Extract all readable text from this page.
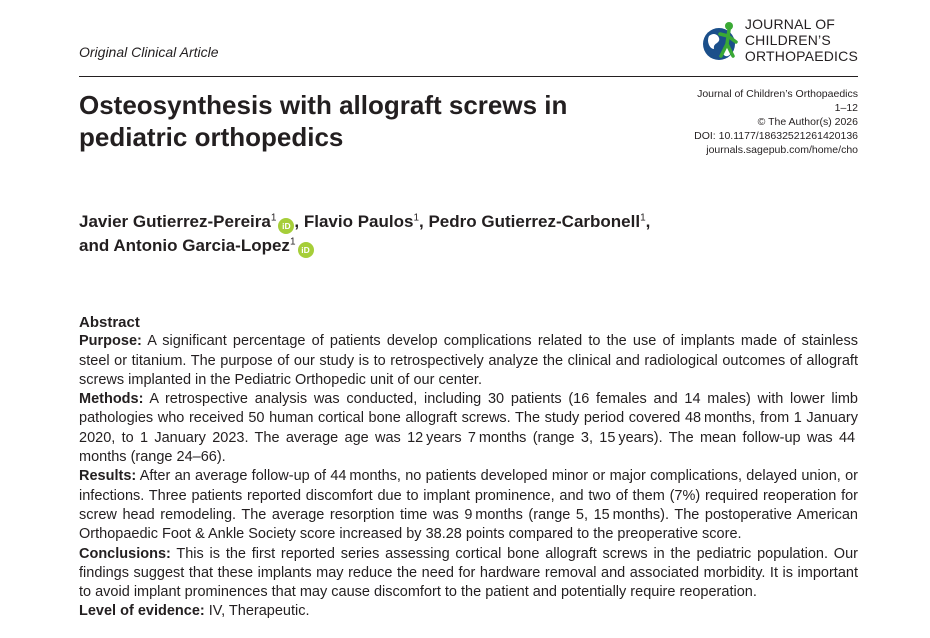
Original Clinical Article
JOURNAL OF
CHILDREN’S
ORTHOPAEDICS
Journal of Children’s Orthopaedics
1–12
© The Author(s) 2026
DOI: 10.1177/18632521261420136
journals.sagepub.com/home/cho
Osteosynthesis with allograft screws in pediatric orthopedics
Javier Gutierrez-Pereira$^1$iD , Flavio Paulos$^1$, Pedro Gutierrez-Carbonell$^1$,
and Antonio Garcia-Lopez$^1$iD
Abstract

Purpose: A significant percentage of patients develop complications related to the use of implants made of stainless steel or titanium. The purpose of our study is to retrospectively analyze the clinical and radiological outcomes of allograft screws implanted in the Pediatric Orthopedic unit of our center.

Methods: A retrospective analysis was conducted, including 30 patients (16 females and 14 males) with lower limb pathologies who received 50 human cortical bone allograft screws. The study period covered 48 months, from 1 January 2020, to 1 January 2023. The average age was 12 years 7 months (range 3, 15 years). The mean follow-up was 44 months (range 24–66).

Results: After an average follow-up of 44 months, no patients developed minor or major complications, delayed union, or infections. Three patients reported discomfort due to implant prominence, and two of them (7%) required reoperation for screw head remodeling. The average resorption time was 9 months (range 5, 15 months). The postoperative American Orthopaedic Foot & Ankle Society score increased by 38.28 points compared to the preoperative score.

Conclusions: This is the first reported series assessing cortical bone allograft screws in the pediatric population. Our findings suggest that these implants may reduce the need for hardware removal and associated morbidity. It is important to avoid implant prominences that may cause discomfort to the patient and potentially require reoperation.

Level of evidence: IV, Therapeutic.
